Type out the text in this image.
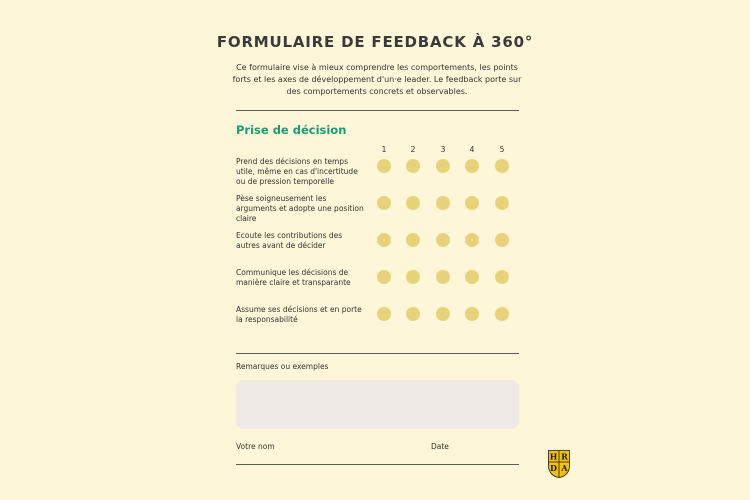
FORMULAIRE DE FEEDBACK À 360°
Ce formulaire vise à mieux comprendre les comportements, les points forts et les axes de développement d'un·e leader. Le feedback porte sur des comportements concrets et observables.
Prise de décision
1	2	3	4	5
Prend des décisions en temps utile, même en cas d'incertitude ou de pression temporelle
Pèse soigneusement les arguments et adopte une position claire
Ecoute les contributions des autres avant de décider
Communique les décisions de manière claire et transparante
Assume ses décisions et en porte la responsabilité
Remarques ou exemples
Votre nom	Date
H R
D A
